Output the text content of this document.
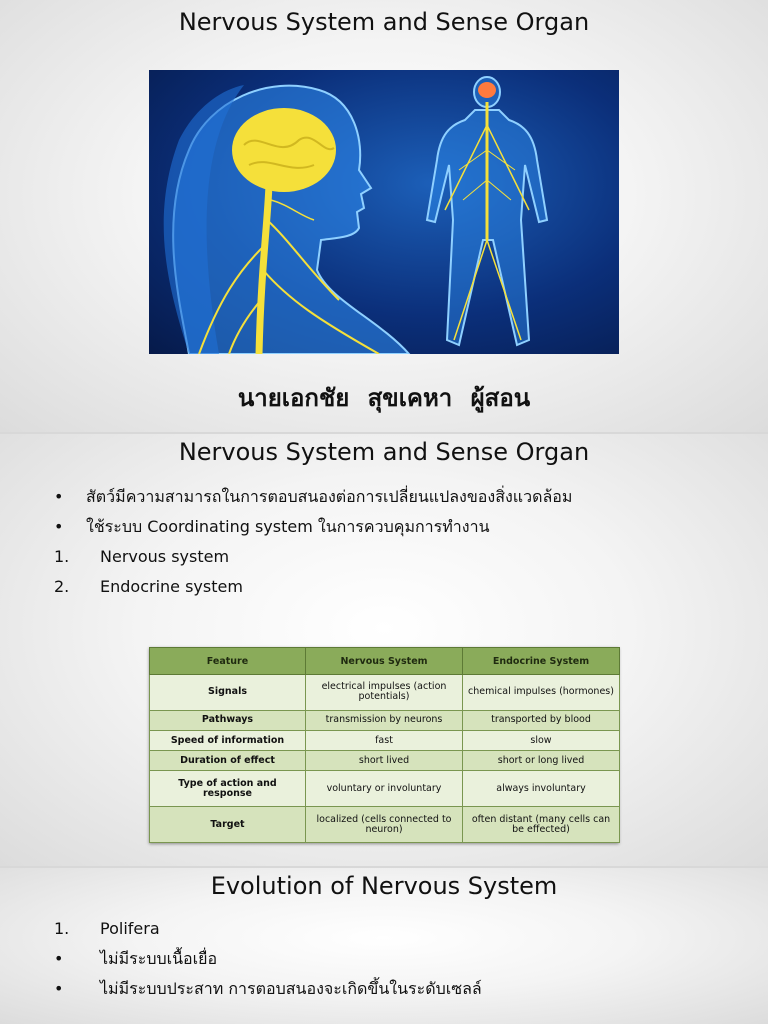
Nervous System and Sense Organ
นายเอกชัย สุขเคหา ผู้สอน
Nervous System and Sense Organ
• สัตว์มีความสามารถในการตอบสนองต่อการเปลี่ยนแปลงของสิ่งแวดล้อม
• ใช้ระบบ Coordinating system ในการควบคุมการทำงาน
1. Nervous system
2. Endocrine system
Feature	Nervous System	Endocrine System
Signals	electrical impulses (action potentials)	chemical impulses (hormones)
Pathways	transmission by neurons	transported by blood
Speed of information	fast	slow
Duration of effect	short lived	short or long lived
Type of action and response	voluntary or involuntary	always involuntary
Target	localized (cells connected to neuron)	often distant (many cells can be effected)
Evolution of Nervous System
1. Polifera
• ไม่มีระบบเนื้อเยื่อ
• ไม่มีระบบประสาท การตอบสนองจะเกิดขึ้นในระดับเซลล์
